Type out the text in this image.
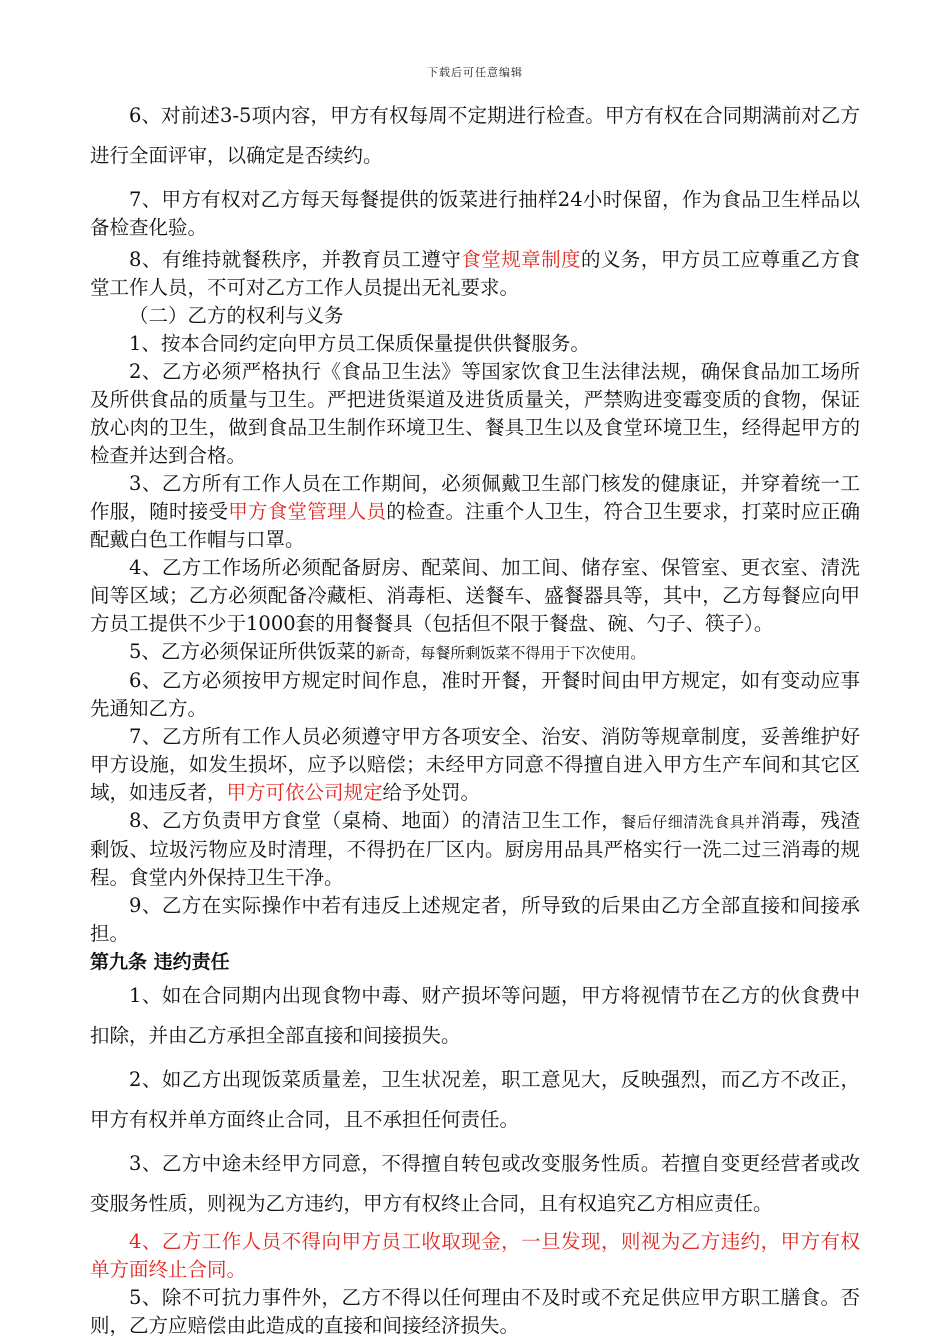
下载后可任意编辑

6、对前述3-5项内容，甲方有权每周不定期进行检查。甲方有权在合同期满前对乙方进行全面评审，以确定是否续约。

7、甲方有权对乙方每天每餐提供的饭菜进行抽样24小时保留，作为食品卫生样品以备检查化验。

8、有维持就餐秩序，并教育员工遵守食堂规章制度的义务，甲方员工应尊重乙方食堂工作人员，不可对乙方工作人员提出无礼要求。

（二）乙方的权利与义务

1、按本合同约定向甲方员工保质保量提供供餐服务。

2、乙方必须严格执行《食品卫生法》等国家饮食卫生法律法规，确保食品加工场所及所供食品的质量与卫生。严把进货渠道及进货质量关，严禁购进变霉变质的食物，保证放心肉的卫生，做到食品卫生制作环境卫生、餐具卫生以及食堂环境卫生，经得起甲方的检查并达到合格。

3、乙方所有工作人员在工作期间，必须佩戴卫生部门核发的健康证，并穿着统一工作服，随时接受甲方食堂管理人员的检查。注重个人卫生，符合卫生要求，打菜时应正确配戴白色工作帽与口罩。

4、乙方工作场所必须配备厨房、配菜间、加工间、储存室、保管室、更衣室、清洗间等区域；乙方必须配备冷藏柜、消毒柜、送餐车、盛餐器具等，其中，乙方每餐应向甲方员工提供不少于1000套的用餐餐具（包括但不限于餐盘、碗、勺子、筷子）。

5、乙方必须保证所供饭菜的新奇，每餐所剩饭菜不得用于下次使用。

6、乙方必须按甲方规定时间作息，准时开餐，开餐时间由甲方规定，如有变动应事先通知乙方。

7、乙方所有工作人员必须遵守甲方各项安全、治安、消防等规章制度，妥善维护好甲方设施，如发生损坏，应予以赔偿；未经甲方同意不得擅自进入甲方生产车间和其它区域，如违反者，甲方可依公司规定给予处罚。

8、乙方负责甲方食堂（桌椅、地面）的清洁卫生工作，餐后仔细清洗食具并消毒，残渣剩饭、垃圾污物应及时清理，不得扔在厂区内。厨房用品具严格实行一洗二过三消毒的规程。食堂内外保持卫生干净。

9、乙方在实际操作中若有违反上述规定者，所导致的后果由乙方全部直接和间接承担。

第九条 违约责任

1、如在合同期内出现食物中毒、财产损坏等问题，甲方将视情节在乙方的伙食费中扣除，并由乙方承担全部直接和间接损失。

2、如乙方出现饭菜质量差，卫生状况差，职工意见大，反映强烈，而乙方不改正，甲方有权并单方面终止合同，且不承担任何责任。

3、乙方中途未经甲方同意，不得擅自转包或改变服务性质。若擅自变更经营者或改变服务性质，则视为乙方违约，甲方有权终止合同，且有权追究乙方相应责任。

4、乙方工作人员不得向甲方员工收取现金，一旦发现，则视为乙方违约，甲方有权单方面终止合同。

5、除不可抗力事件外，乙方不得以任何理由不及时或不充足供应甲方职工膳食。否则，乙方应赔偿由此造成的直接和间接经济损失。
